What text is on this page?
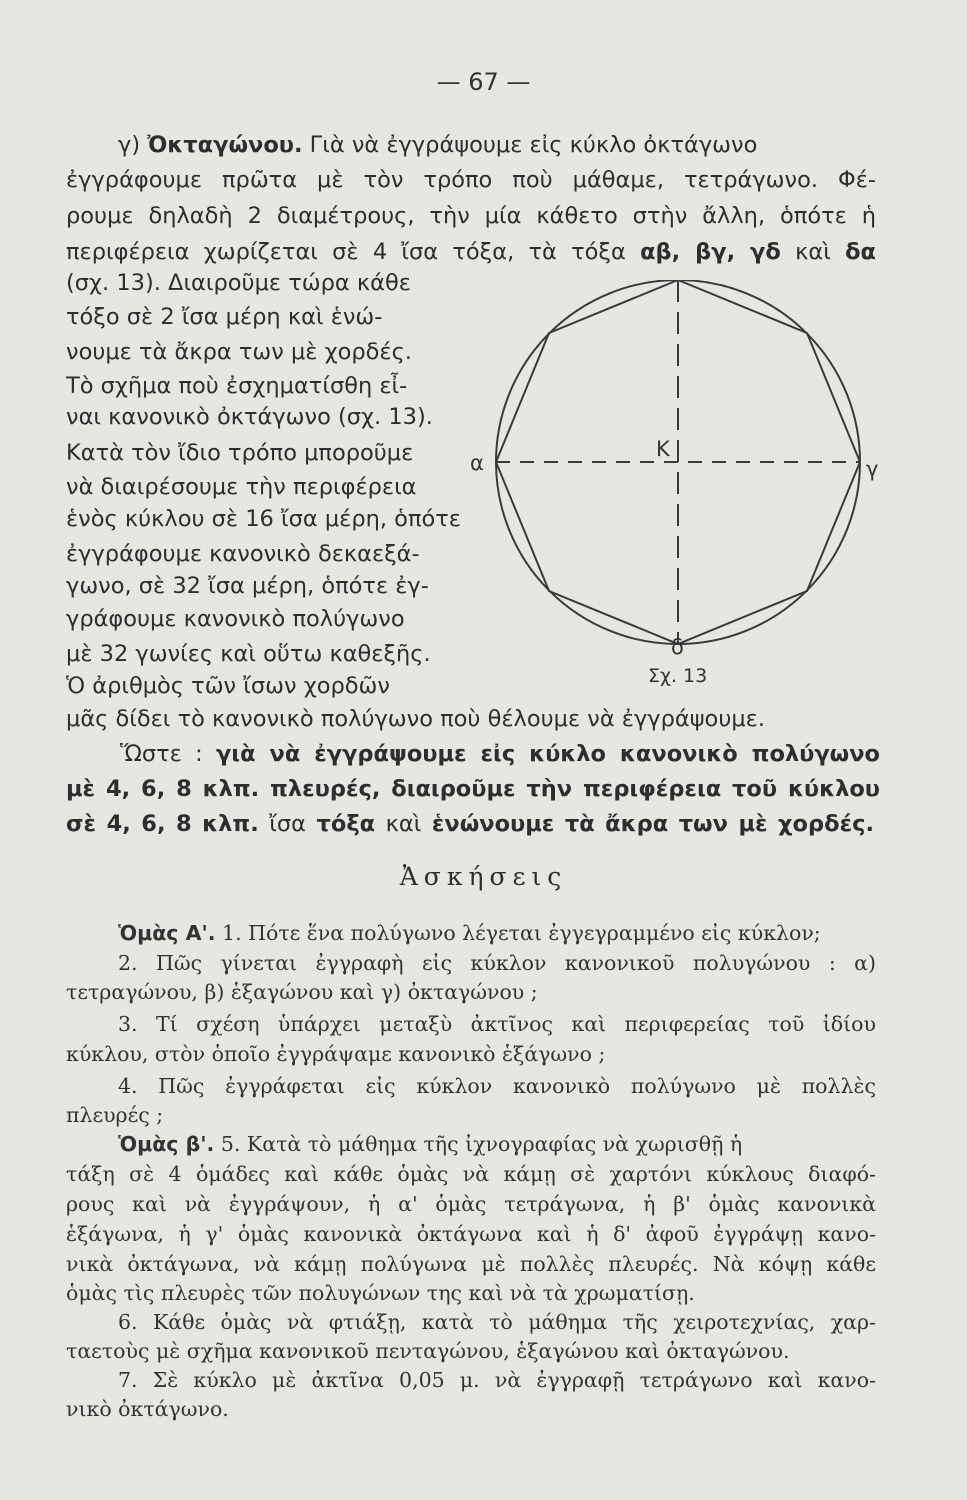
— 67 —
γ) Ὀκταγώνου. Γιὰ νὰ ἐγγράψουμε εἰς κύκλο ὀκτάγωνο
ἐγγράφουμε πρῶτα μὲ τὸν τρόπο ποὺ μάθαμε, τετράγωνο. Φέ-
ρουμε δηλαδὴ 2 διαμέτρους, τὴν μία κάθετο στὴν ἄλλη, ὁπότε ἡ
περιφέρεια χωρίζεται σὲ 4 ἴσα τόξα, τὰ τόξα αβ, βγ, γδ καὶ δα
(σχ. 13). Διαιροῦμε τώρα κάθε
τόξο σὲ 2 ἴσα μέρη καὶ ἑνώ-
νουμε τὰ ἄκρα των μὲ χορδές.
Τὸ σχῆμα ποὺ ἐσχηματίσθη εἶ-
ναι κανονικὸ ὀκτάγωνο (σχ. 13).
Κατὰ τὸν ἴδιο τρόπο μποροῦμε
νὰ διαιρέσουμε τὴν περιφέρεια
ἑνὸς κύκλου σὲ 16 ἴσα μέρη, ὁπότε
ἐγγράφουμε κανονικὸ δεκαεξά-
γωνο, σὲ 32 ἴσα μέρη, ὁπότε ἐγ-
γράφουμε κανονικὸ πολύγωνο
μὲ 32 γωνίες καὶ οὕτω καθεξῆς.
Ὁ ἀριθμὸς τῶν ἴσων χορδῶν
μᾶς δίδει τὸ κανονικὸ πολύγωνο ποὺ θέλουμε νὰ ἐγγράψουμε.
Ὥστε : γιὰ νὰ ἐγγράψουμε εἰς κύκλο κανονικὸ πολύγωνο
μὲ 4, 6, 8 κλπ. πλευρές, διαιροῦμε τὴν περιφέρεια τοῦ κύκλου
σὲ 4, 6, 8 κλπ. ἴσα τόξα καὶ ἑνώνουμε τὰ ἄκρα των μὲ χορδές.
α	γ
δ
Κ
Σχ. 13
Ἀσκήσεις
Ὁμὰς Α'. 1. Πότε ἕνα πολύγωνο λέγεται ἐγγεγραμμένο εἰς κύκλον;
2. Πῶς γίνεται ἐγγραφὴ εἰς κύκλον κανονικοῦ πολυγώνου : α)
τετραγώνου, β) ἑξαγώνου καὶ γ) ὀκταγώνου ;
3. Τί σχέση ὑπάρχει μεταξὺ ἀκτῖνος καὶ περιφερείας τοῦ ἰδίου
κύκλου, στὸν ὁποῖο ἐγγράψαμε κανονικὸ ἑξάγωνο ;
4. Πῶς ἐγγράφεται εἰς κύκλον κανονικὸ πολύγωνο μὲ πολλὲς
πλευρές ;
Ὁμὰς β'. 5. Κατὰ τὸ μάθημα τῆς ἰχνογραφίας νὰ χωρισθῇ ἡ
τάξη σὲ 4 ὁμάδες καὶ κάθε ὁμὰς νὰ κάμῃ σὲ χαρτόνι κύκλους διαφό-
ρους καὶ νὰ ἐγγράψουν, ἡ α' ὁμὰς τετράγωνα, ἡ β' ὁμὰς κανονικὰ
ἑξάγωνα, ἡ γ' ὁμὰς κανονικὰ ὀκτάγωνα καὶ ἡ δ' ἀφοῦ ἐγγράψῃ κανο-
νικὰ ὀκτάγωνα, νὰ κάμῃ πολύγωνα μὲ πολλὲς πλευρές. Νὰ κόψῃ κάθε
ὁμὰς τὶς πλευρὲς τῶν πολυγώνων της καὶ νὰ τὰ χρωματίσῃ.
6. Κάθε ὁμὰς νὰ φτιάξῃ, κατὰ τὸ μάθημα τῆς χειροτεχνίας, χαρ-
ταετοὺς μὲ σχῆμα κανονικοῦ πενταγώνου, ἑξαγώνου καὶ ὀκταγώνου.
7. Σὲ κύκλο μὲ ἀκτῖνα 0,05 μ. νὰ ἐγγραφῇ τετράγωνο καὶ κανο-
νικὸ ὀκτάγωνο.
